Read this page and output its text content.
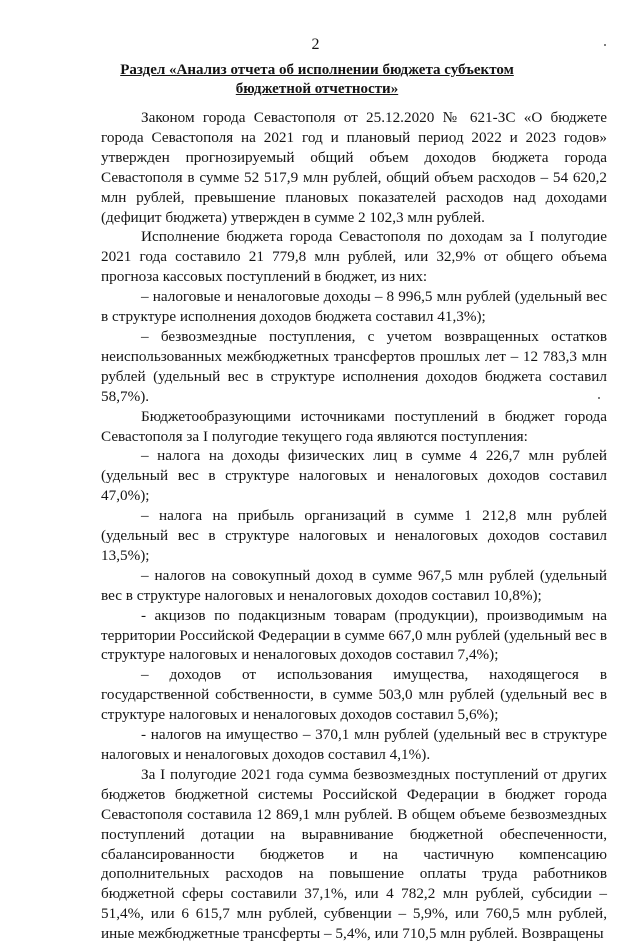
2
Раздел «Анализ отчета об исполнении бюджета субъектом бюджетной отчетности»

Законом города Севастополя от 25.12.2020 № 621-ЗС «О бюджете города Севастополя на 2021 год и плановый период 2022 и 2023 годов» утвержден прогнозируемый общий объем доходов бюджета города Севастополя в сумме 52 517,9 млн рублей, общий объем расходов – 54 620,2 млн рублей, превышение плановых показателей расходов над доходами (дефицит бюджета) утвержден в сумме 2 102,3 млн рублей.

Исполнение бюджета города Севастополя по доходам за I полугодие 2021 года составило 21 779,8 млн рублей, или 32,9% от общего объема прогноза кассовых поступлений в бюджет, из них:

– налоговые и неналоговые доходы – 8 996,5 млн рублей (удельный вес в структуре исполнения доходов бюджета составил 41,3%);

– безвозмездные поступления, с учетом возвращенных остатков неиспользованных межбюджетных трансфертов прошлых лет – 12 783,3 млн рублей (удельный вес в структуре исполнения доходов бюджета составил 58,7%).

Бюджетообразующими источниками поступлений в бюджет города Севастополя за I полугодие текущего года являются поступления:

– налога на доходы физических лиц в сумме 4 226,7 млн рублей (удельный вес в структуре налоговых и неналоговых доходов составил 47,0%);

– налога на прибыль организаций в сумме 1 212,8 млн рублей (удельный вес в структуре налоговых и неналоговых доходов составил 13,5%);

– налогов на совокупный доход в сумме 967,5 млн рублей (удельный вес в структуре налоговых и неналоговых доходов составил 10,8%);

- акцизов по подакцизным товарам (продукции), производимым на территории Российской Федерации в сумме 667,0 млн рублей (удельный вес в структуре налоговых и неналоговых доходов составил 7,4%);

– доходов от использования имущества, находящегося в государственной собственности, в сумме 503,0 млн рублей (удельный вес в структуре налоговых и неналоговых доходов составил 5,6%);

- налогов на имущество – 370,1 млн рублей (удельный вес в структуре налоговых и неналоговых доходов составил 4,1%).

За I полугодие 2021 года сумма безвозмездных поступлений от других бюджетов бюджетной системы Российской Федерации в бюджет города Севастополя составила 12 869,1 млн рублей. В общем объеме безвозмездных поступлений дотации на выравнивание бюджетной обеспеченности, сбалансированности бюджетов и на частичную компенсацию дополнительных расходов на повышение оплаты труда работников бюджетной сферы составили 37,1%, или 4 782,2 млн рублей, субсидии – 51,4%, или 6 615,7 млн рублей, субвенции – 5,9%, или 760,5 млн рублей, иные межбюджетные трансферты – 5,4%, или 710,5 млн рублей. Возвращены
